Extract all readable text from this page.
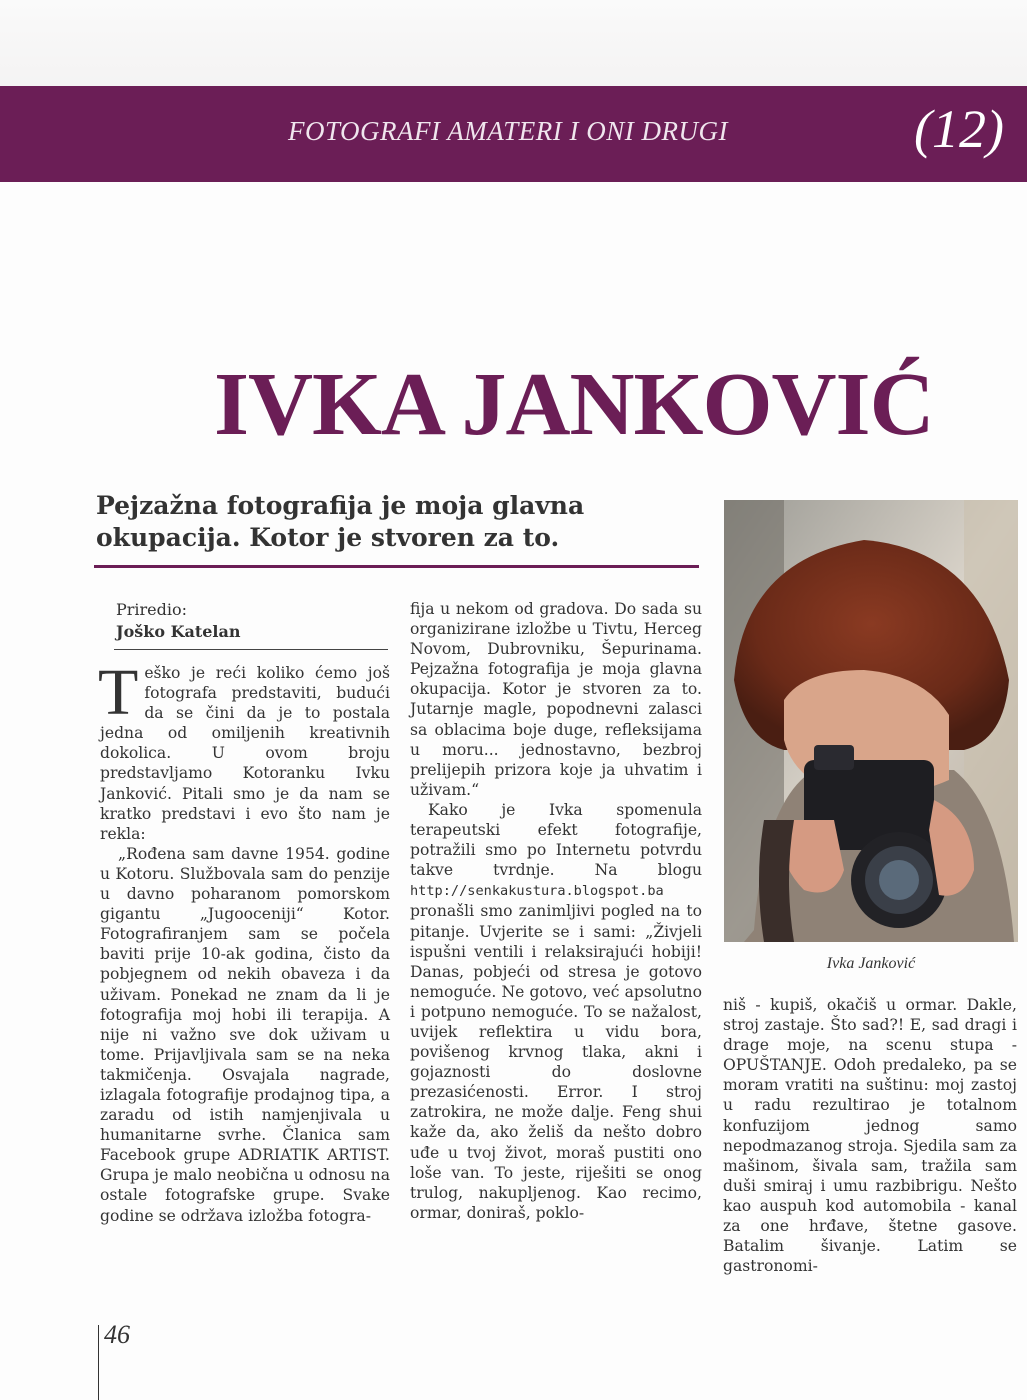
FOTOGRAFI AMATERI I ONI DRUGI	(12)
IVKA JANKOVIĆ
Pejzažna fotografija je moja glavna okupacija. Kotor je stvoren za to.
Priredio:
Joško Katelan

Teško je reći koliko ćemo još fotografa predstaviti, budući da se čini da je to postala jedna od omiljenih kreativnih dokolica. U ovom broju predstavljamo Kotoranku Ivku Janković. Pitali smo je da nam se kratko predstavi i evo što nam je rekla:

„Rođena sam davne 1954. godine u Kotoru. Službovala sam do penzije u davno poharanom pomorskom gigantu „Jugooceniji“ Kotor. Fotografiranjem sam se počela baviti prije 10-ak godina, čisto da pobjegnem od nekih obaveza i da uživam. Ponekad ne znam da li je fotografija moj hobi ili terapija. A nije ni važno sve dok uživam u tome. Prijavljivala sam se na neka takmičenja. Osvajala nagrade, izlagala fotografije prodajnog tipa, a zaradu od istih namjenjivala u humanitarne svrhe. Članica sam Facebook grupe ADRIATIK ARTIST. Grupa je malo neobična u odnosu na ostale fotografske grupe. Svake godine se održava izložba fotogra-

fija u nekom od gradova. Do sada su organizirane izložbe u Tivtu, Herceg Novom, Dubrovniku, Šepurinama. Pejzažna fotografija je moja glavna okupacija. Kotor je stvoren za to. Jutarnje magle, popodnevni zalasci sa oblacima boje duge, refleksijama u moru... jednostavno, bezbroj prelijepih prizora koje ja uhvatim i uživam.“

Kako je Ivka spomenula terapeutski efekt fotografije, potražili smo po Internetu potvrdu takve tvrdnje. Na blogu http://senkakustura.blogspot.ba pronašli smo zanimljivi pogled na to pitanje. Uvjerite se i sami: „Živjeli ispušni ventili i relaksirajući hobiji! Danas, pobjeći od stresa je gotovo nemoguće. Ne gotovo, već apsolutno i potpuno nemoguće. To se nažalost, uvijek reflektira u vidu bora, povišenog krvnog tlaka, akni i gojaznosti do doslovne prezasićenosti. Error. I stroj zatrokira, ne može dalje. Feng shui kaže da, ako želiš da nešto dobro uđe u tvoj život, moraš pustiti ono loše van. To jeste, riješiti se onog trulog, nakupljenog. Kao recimo, ormar, doniraš, poklo-

Ivka Janković

niš - kupiš, okačiš u ormar. Dakle, stroj zastaje. Što sad?! E, sad dragi i drage moje, na scenu stupa - OPUŠTANJE. Odoh predaleko, pa se moram vratiti na suštinu: moj zastoj u radu rezultirao je totalnom konfuzijom jednog samo nepodmazanog stroja. Sjedila sam za mašinom, šivala sam, tražila sam duši smiraj i umu razbibrigu. Nešto kao auspuh kod automobila - kanal za one hrđave, štetne gasove. Batalim šivanje. Latim se gastronomi-

46
